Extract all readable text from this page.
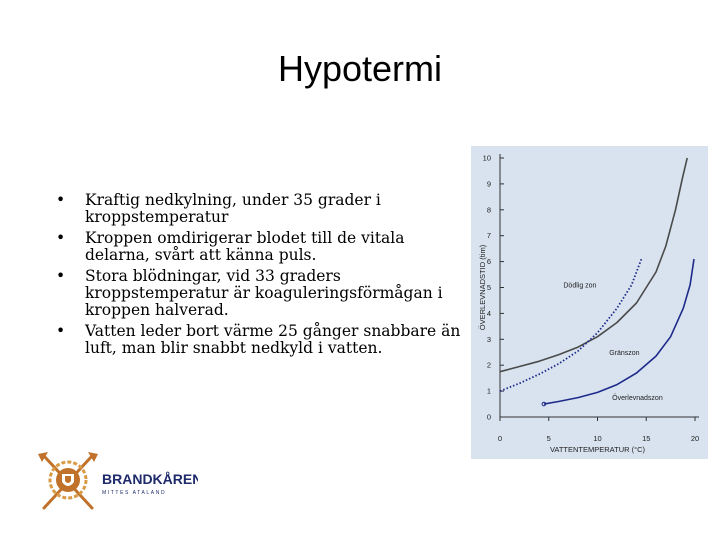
Hypotermi
• Kraftig nedkylning, under 35 grader i kroppstemperatur
• Kroppen omdirigerar blodet till de vitala delarna, svårt att känna puls.
• Stora blödningar, vid 33 graders kroppstemperatur är koaguleringsförmågan i kroppen halverad.
• Vatten leder bort värme 25 gånger snabbare än luft, man blir snabbt nedkyld i vatten.
0
1
2
3
4
5
6
7
8
9
10
0	5	10	15	20
Dödlig zon
Gränszon
Överlevnadszon
ÖVERLEVNADSTID (tim)
VATTENTEMPERATUR (°C)
BRANDKÅREN
MITTES ATALAND
